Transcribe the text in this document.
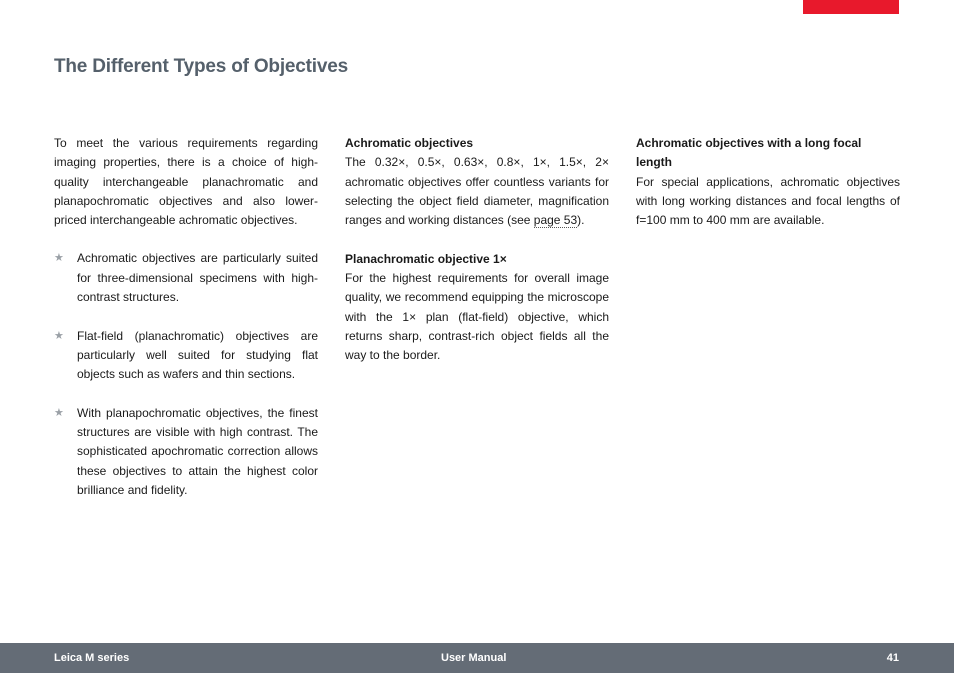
The Different Types of Objectives

To meet the various requirements regarding imaging properties, there is a choice of high-quality interchangeable planachromatic and planapochromatic objectives and also lower-priced interchangeable achromatic objectives.

★	Achromatic objectives are particularly suited for three-dimensional specimens with high-contrast structures.
★	Flat-field (planachromatic) objectives are particularly well suited for studying flat objects such as wafers and thin sections.
★	With planapochromatic objectives, the finest structures are visible with high contrast. The sophisticated apochromatic correction allows these objectives to attain the highest color brilliance and fidelity.
Achromatic objectives

The 0.32×, 0.5×, 0.63×, 0.8×, 1×, 1.5×, 2× achromatic objectives offer countless variants for selecting the object field diameter, magnification ranges and working distances (see page 53).

Planachromatic objective 1×

For the highest requirements for overall image quality, we recommend equipping the microscope with the 1× plan (flat-field) objective, which returns sharp, contrast-rich object fields all the way to the border.

Achromatic objectives with a long focal length

For special applications, achromatic objectives with long working distances and focal lengths of f=100 mm to 400 mm are available.

Leica M series	User Manual	41
